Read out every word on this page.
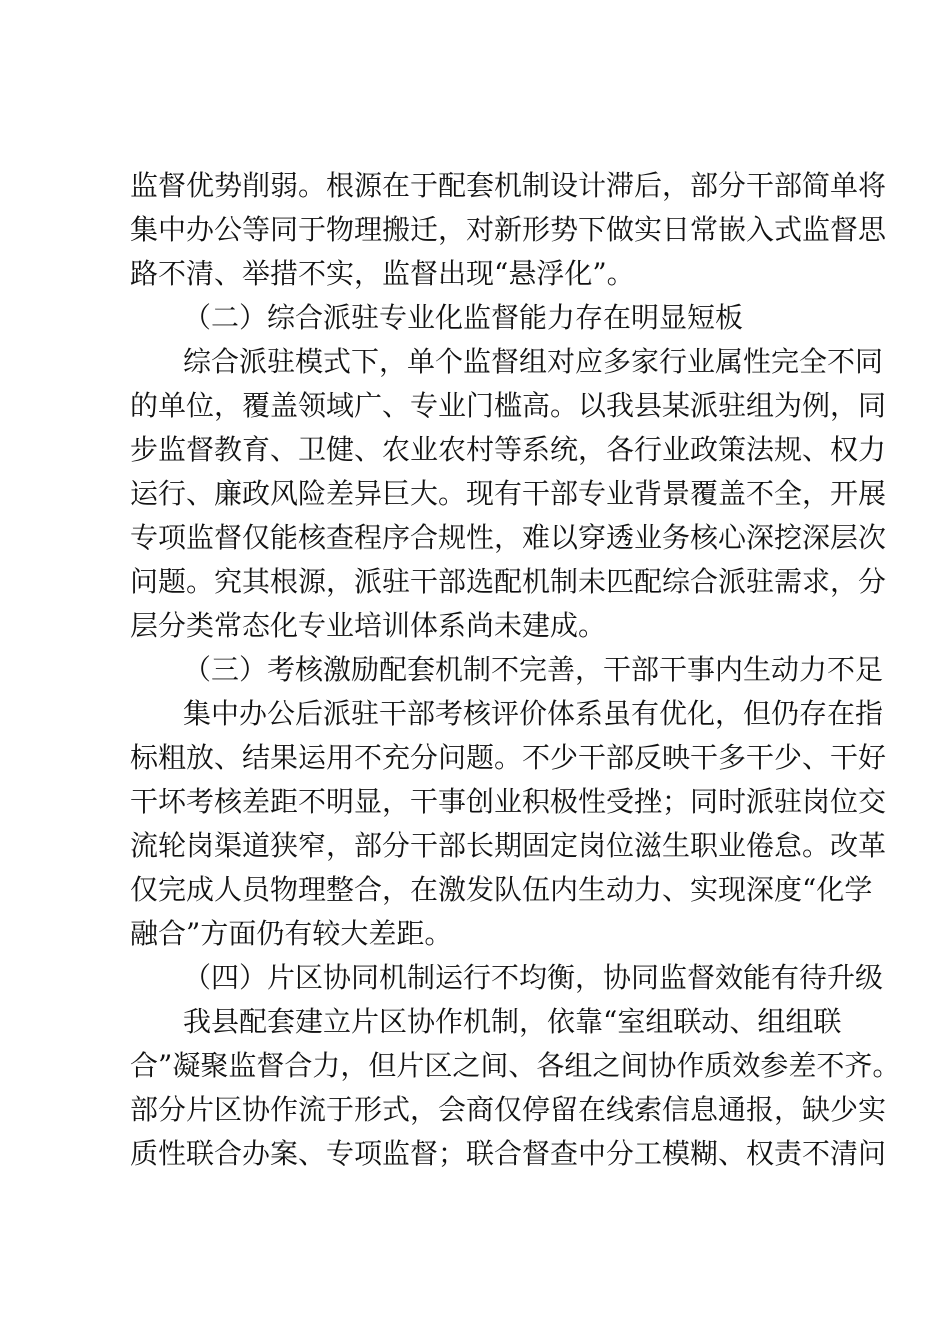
监督优势削弱。根源在于配套机制设计滞后，部分干部简单将
集中办公等同于物理搬迁，对新形势下做实日常嵌入式监督思
路不清、举措不实，监督出现“悬浮化”。
（二）综合派驻专业化监督能力存在明显短板
综合派驻模式下，单个监督组对应多家行业属性完全不同
的单位，覆盖领域广、专业门槛高。以我县某派驻组为例，同
步监督教育、卫健、农业农村等系统，各行业政策法规、权力
运行、廉政风险差异巨大。现有干部专业背景覆盖不全，开展
专项监督仅能核查程序合规性，难以穿透业务核心深挖深层次
问题。究其根源，派驻干部选配机制未匹配综合派驻需求，分
层分类常态化专业培训体系尚未建成。
（三）考核激励配套机制不完善，干部干事内生动力不足
集中办公后派驻干部考核评价体系虽有优化，但仍存在指
标粗放、结果运用不充分问题。不少干部反映干多干少、干好
干坏考核差距不明显，干事创业积极性受挫；同时派驻岗位交
流轮岗渠道狭窄，部分干部长期固定岗位滋生职业倦怠。改革
仅完成人员物理整合，在激发队伍内生动力、实现深度“化学
融合”方面仍有较大差距。
（四）片区协同机制运行不均衡，协同监督效能有待升级
我县配套建立片区协作机制，依靠“室组联动、组组联
合”凝聚监督合力，但片区之间、各组之间协作质效参差不齐。
部分片区协作流于形式，会商仅停留在线索信息通报，缺少实
质性联合办案、专项监督；联合督查中分工模糊、权责不清问
